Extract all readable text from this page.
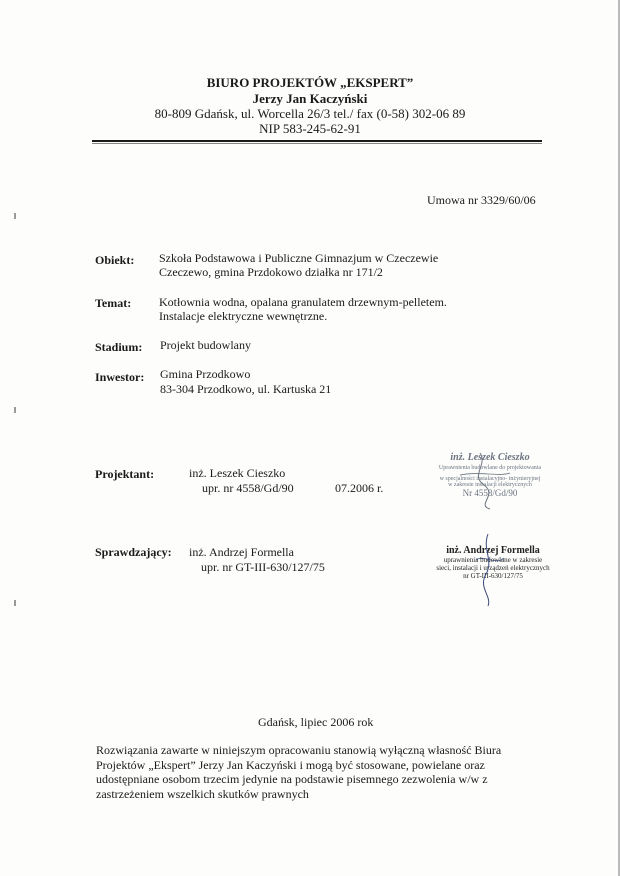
BIURO PROJEKTÓW „EKSPERT”
Jerzy Jan Kaczyński
80-809 Gdańsk, ul. Worcella 26/3 tel./ fax (0-58) 302-06 89
NIP 583-245-62-91
Umowa nr 3329/60/06
Obiekt: Szkoła Podstawowa i Publiczne Gimnazjum w Czeczewie
Czeczewo, gmina Przdokowo działka nr 171/2
Temat: Kotłownia wodna, opalana granulatem drzewnym-pelletem.
Instalacje elektryczne wewnętrzne.
Stadium: Projekt budowlany
Inwestor: Gmina Przodkowo
83-304 Przodkowo, ul. Kartuska 21
Projektant:	inż. Leszek Cieszko
upr. nr 4558/Gd/90	07.2006 r.
inż. Leszek Cieszko
Uprawnienia budowlane do projektowania
w specjalności instalacyjno- inżynieryjnej
w zakresie instalacji elektrycznych
Nr 4558/Gd/90
Sprawdzający: inż. Andrzej Formella
upr. nr GT-III-630/127/75
inż. Andrzej Formella
uprawnienia budowlane w zakresie
sieci, instalacji i urządzeń elektrycznych
nr GT-III-630/127/75
Gdańsk, lipiec 2006 rok
Rozwiązania zawarte w niniejszym opracowaniu stanowią wyłączną własność Biura
Projektów „Ekspert” Jerzy Jan Kaczyński i mogą być stosowane, powielane oraz
udostępniane osobom trzecim jedynie na podstawie pisemnego zezwolenia w/w z
zastrzeżeniem wszelkich skutków prawnych
